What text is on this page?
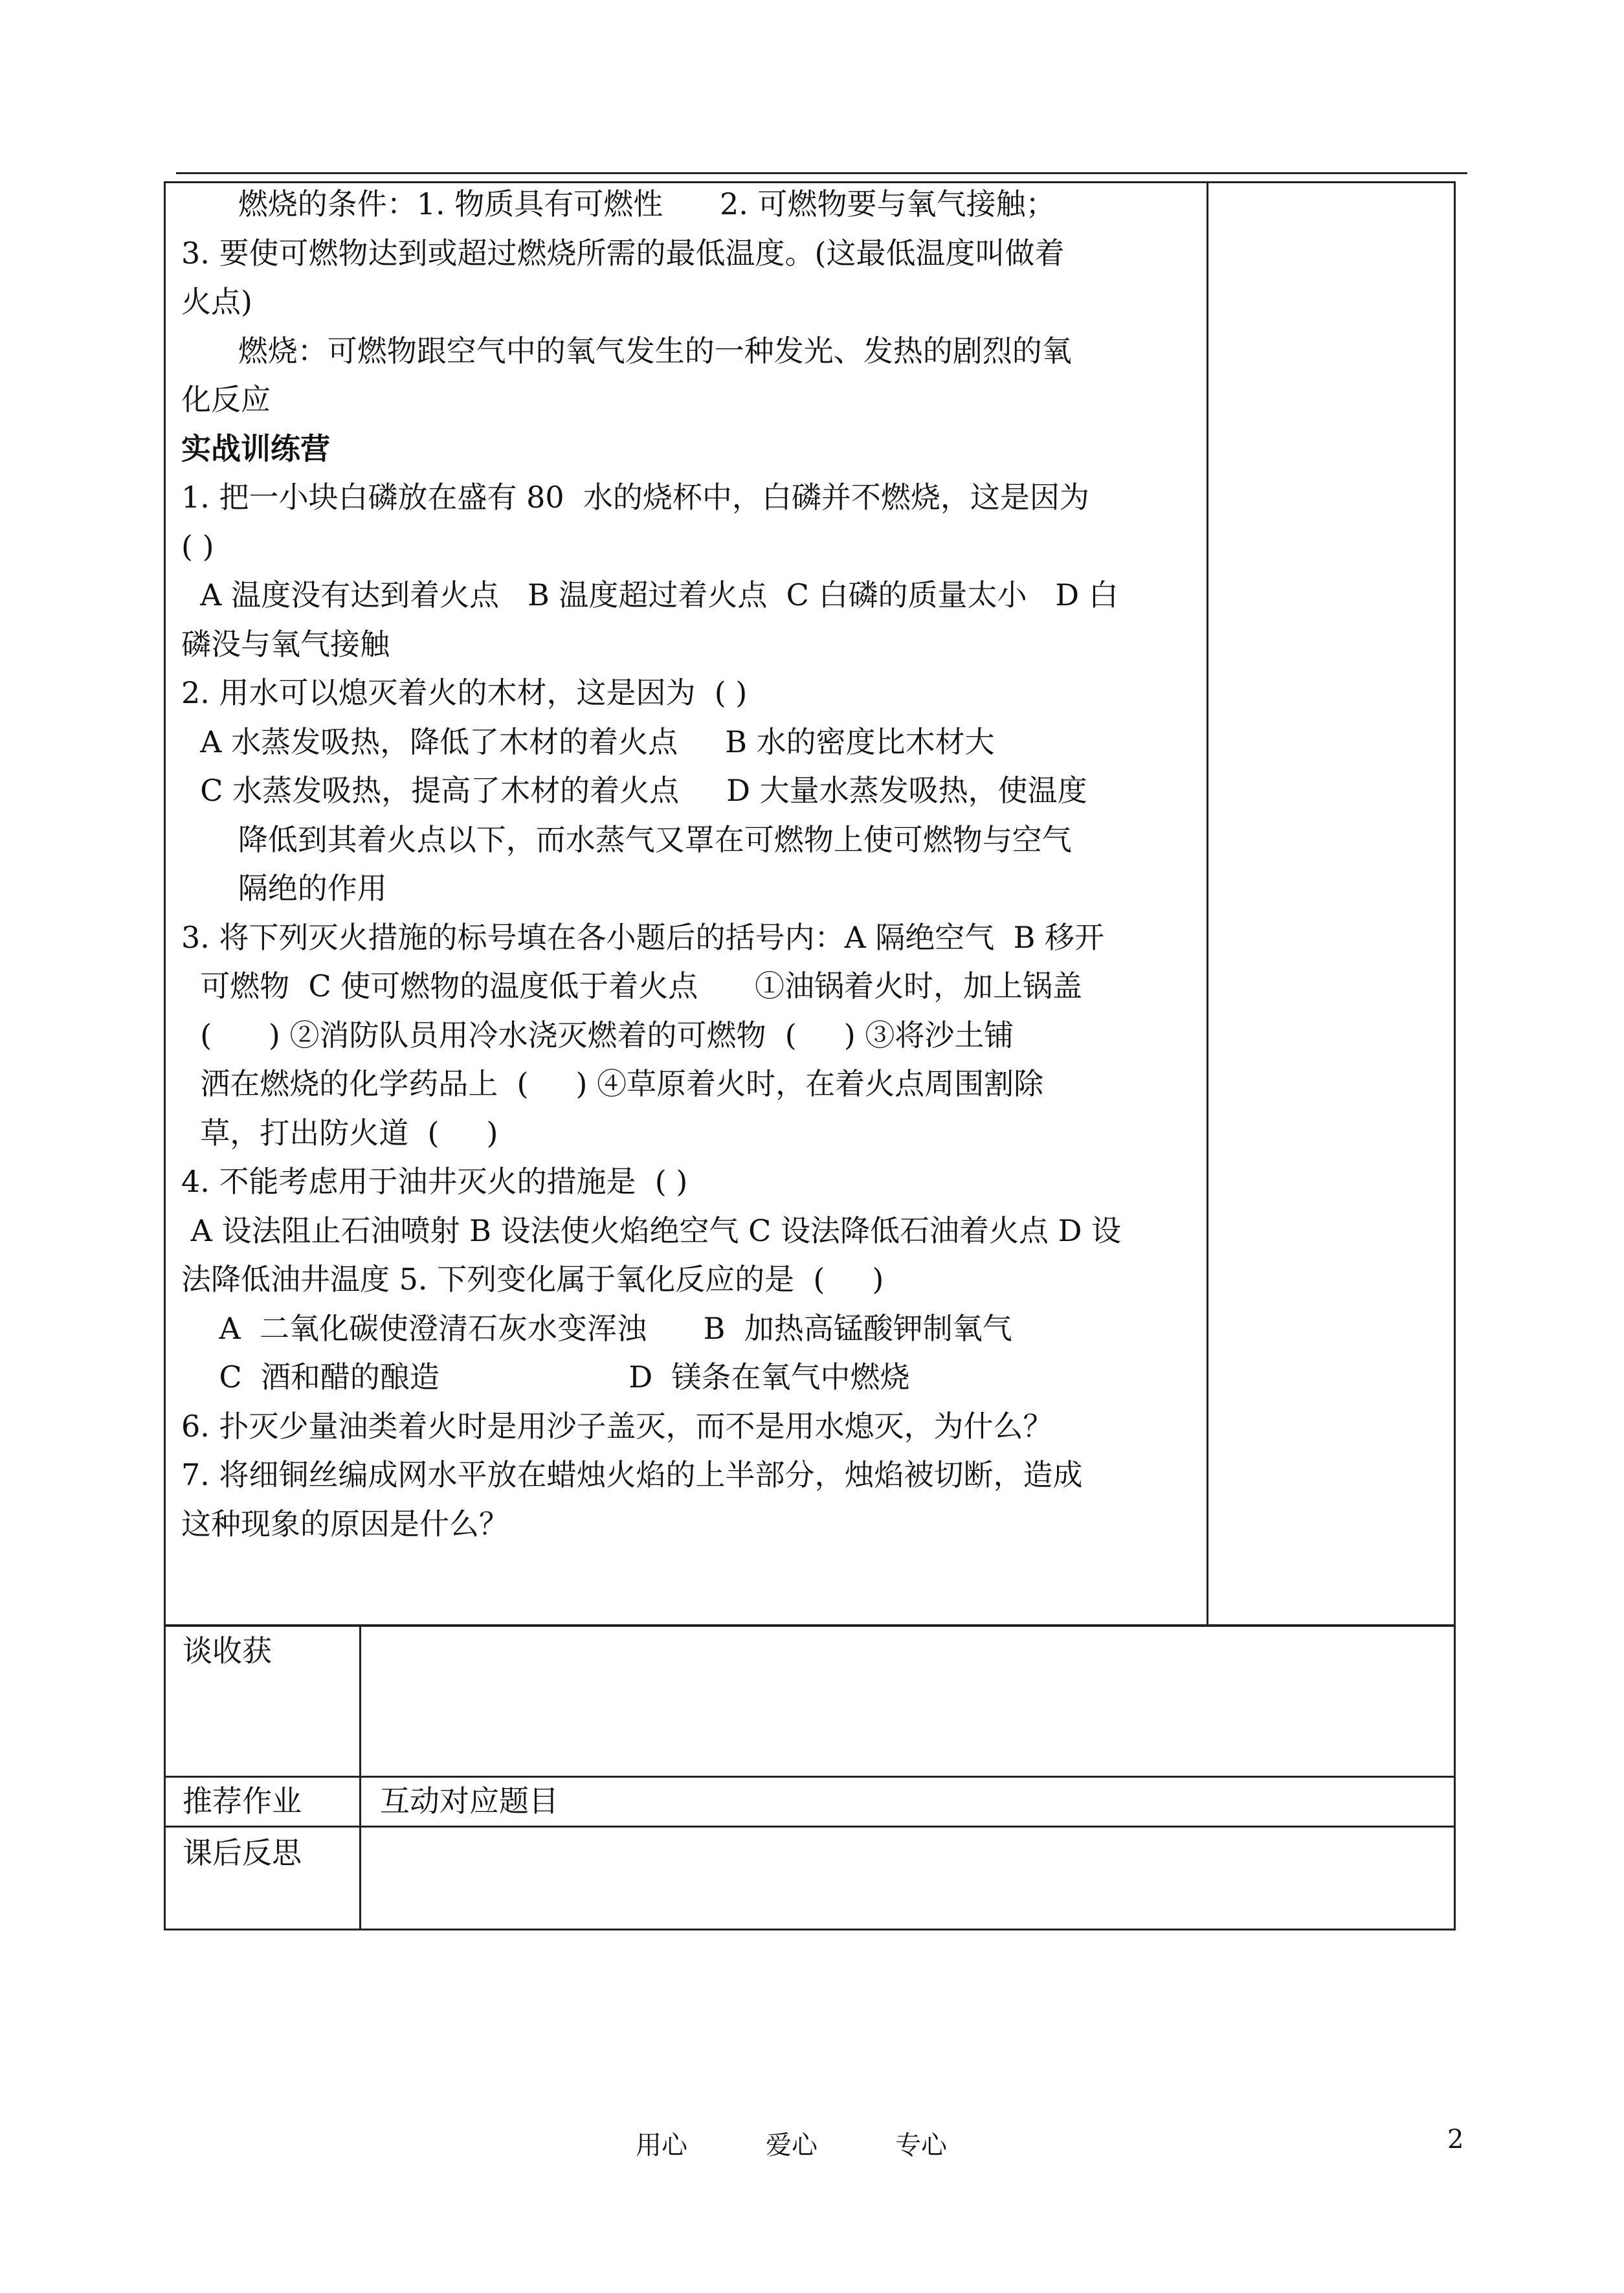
燃烧的条件：1. 物质具有可燃性      2. 可燃物要与氧气接触；
3. 要使可燃物达到或超过燃烧所需的最低温度。(这最低温度叫做着
火点)
燃烧：可燃物跟空气中的氧气发生的一种发光、发热的剧烈的氧
化反应
实战训练营
1. 把一小块白磷放在盛有 80  水的烧杯中，白磷并不燃烧，这是因为
( )
A 温度没有达到着火点   B 温度超过着火点  C 白磷的质量太小   D 白
磷没与氧气接触
2. 用水可以熄灭着火的木材，这是因为  ( )
A 水蒸发吸热，降低了木材的着火点     B 水的密度比木材大
C 水蒸发吸热，提高了木材的着火点     D 大量水蒸发吸热，使温度
降低到其着火点以下，而水蒸气又罩在可燃物上使可燃物与空气
隔绝的作用
3. 将下列灭火措施的标号填在各小题后的括号内：A 隔绝空气  B 移开
可燃物  C 使可燃物的温度低于着火点      ①油锅着火时，加上锅盖
(      ) ②消防队员用冷水浇灭燃着的可燃物  (     ) ③将沙土铺
洒在燃烧的化学药品上  (     ) ④草原着火时，在着火点周围割除
草，打出防火道  (     )
4. 不能考虑用于油井灭火的措施是  ( )
A 设法阻止石油喷射 B 设法使火焰绝空气 C 设法降低石油着火点 D 设
法降低油井温度 5. 下列变化属于氧化反应的是  (     )
A  二氧化碳使澄清石灰水变浑浊      B  加热高锰酸钾制氧气
C  酒和醋的酿造                    D  镁条在氧气中燃烧
6. 扑灭少量油类着火时是用沙子盖灭，而不是用水熄灭，为什么？
7. 将细铜丝编成网水平放在蜡烛火焰的上半部分，烛焰被切断，造成
这种现象的原因是什么？
谈收获
推荐作业	互动对应题目
课后反思
用心	爱心	专心	2
